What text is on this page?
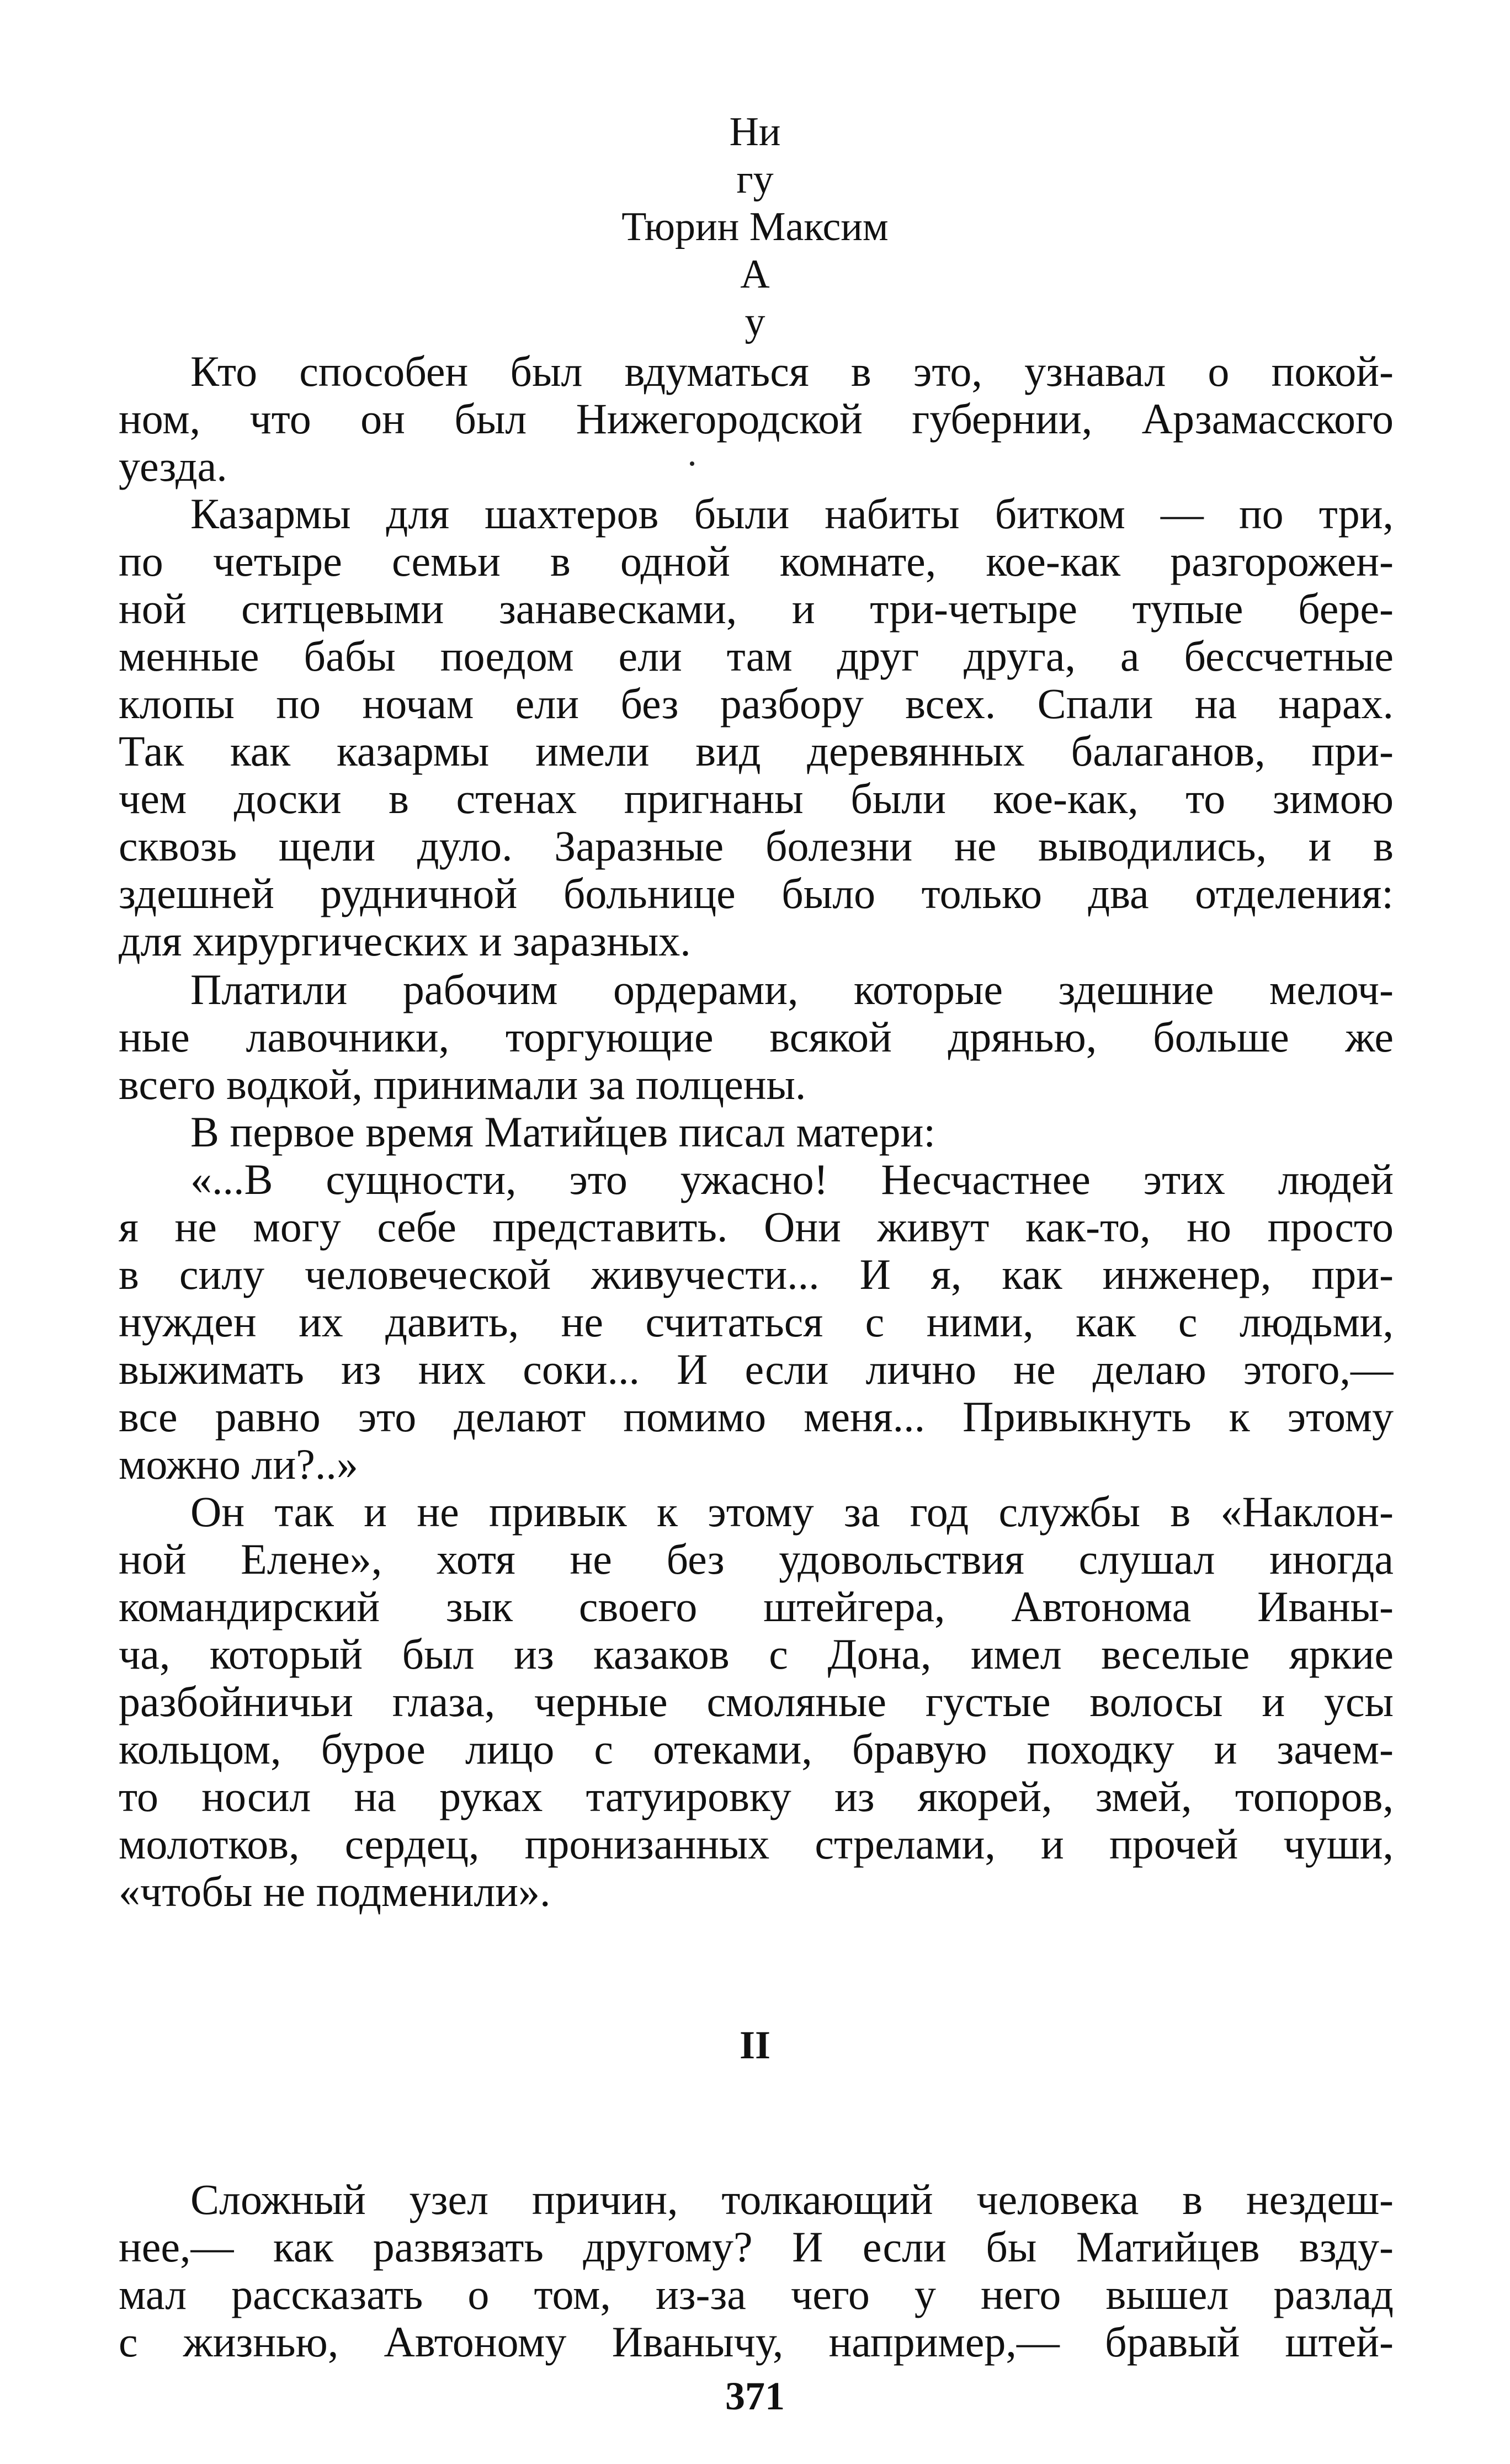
Ни
гу
Тюрин Максим
А
у
Кто способен был вдуматься в это, узнавал о покой-
ном, что он был Нижегородской губернии, Арзамасского
уезда.
Казармы для шахтеров были набиты битком — по три,
по четыре семьи в одной комнате, кое-как разгорожен-
ной ситцевыми занавесками, и три-четыре тупые бере-
менные бабы поедом ели там друг друга, а бессчетные
клопы по ночам ели без разбору всех. Спали на нарах.
Так как казармы имели вид деревянных балаганов, при-
чем доски в стенах пригнаны были кое-как, то зимою
сквозь щели дуло. Заразные болезни не выводились, и в
здешней рудничной больнице было только два отделения:
для хирургических и заразных.
Платили рабочим ордерами, которые здешние мелоч-
ные лавочники, торгующие всякой дрянью, больше же
всего водкой, принимали за полцены.
В первое время Матийцев писал матери:
«...В сущности, это ужасно! Несчастнее этих людей
я не могу себе представить. Они живут как-то, но просто
в силу человеческой живучести... И я, как инженер, при-
нужден их давить, не считаться с ними, как с людьми,
выжимать из них соки... И если лично не делаю этого,—
все равно это делают помимо меня... Привыкнуть к этому
можно ли?..»
Он так и не привык к этому за год службы в «Наклон-
ной Елене», хотя не без удовольствия слушал иногда
командирский зык своего штейгера, Автонома Иваны-
ча, который был из казаков с Дона, имел веселые яркие
разбойничьи глаза, черные смоляные густые волосы и усы
кольцом, бурое лицо с отеками, бравую походку и зачем-
то носил на руках татуировку из якорей, змей, топоров,
молотков, сердец, пронизанных стрелами, и прочей чуши,
«чтобы не подменили».
II
Сложный узел причин, толкающий человека в нездеш-
нее,— как развязать другому? И если бы Матийцев взду-
мал рассказать о том, из-за чего у него вышел разлад
с жизнью, Автоному Иванычу, например,— бравый штей-
371
